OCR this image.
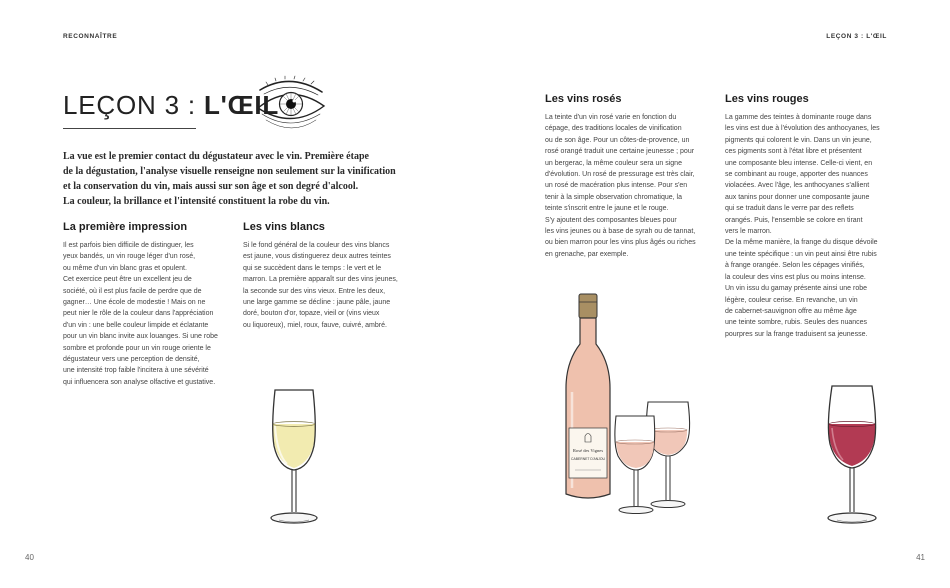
RECONNAÎTRE	LEÇON 3 : L'ŒIL
40	41
LEÇON 3 : L'ŒIL
La vue est le premier contact du dégustateur avec le vin. Première étape
de la dégustation, l'analyse visuelle renseigne non seulement sur la vinification
et la conservation du vin, mais aussi sur son âge et son degré d'alcool.
La couleur, la brillance et l'intensité constituent la robe du vin.
La première impression
Il est parfois bien difficile de distinguer, les
yeux bandés, un vin rouge léger d'un rosé,
ou même d'un vin blanc gras et opulent.
Cet exercice peut être un excellent jeu de
société, où il est plus facile de perdre que de
gagner… Une école de modestie ! Mais on ne
peut nier le rôle de la couleur dans l'appréciation
d'un vin : une belle couleur limpide et éclatante
pour un vin blanc invite aux louanges. Si une robe
sombre et profonde pour un vin rouge oriente le
dégustateur vers une perception de densité,
une intensité trop faible l'incitera à une sévérité
qui influencera son analyse olfactive et gustative.
Les vins blancs
Si le fond général de la couleur des vins blancs
est jaune, vous distinguerez deux autres teintes
qui se succèdent dans le temps : le vert et le
marron. La première apparaît sur des vins jeunes,
la seconde sur des vins vieux. Entre les deux,
une large gamme se décline : jaune pâle, jaune
doré, bouton d'or, topaze, vieil or (vins vieux
ou liquoreux), miel, roux, fauve, cuivré, ambré.
Les vins rosés
La teinte d'un vin rosé varie en fonction du
cépage, des traditions locales de vinification
ou de son âge. Pour un côtes-de-provence, un
rosé orangé traduit une certaine jeunesse ; pour
un bergerac, la même couleur sera un signe
d'évolution. Un rosé de pressurage est très clair,
un rosé de macération plus intense. Pour s'en
tenir à la simple observation chromatique, la
teinte s'inscrit entre le jaune et le rouge.
S'y ajoutent des composantes bleues pour
les vins jeunes ou à base de syrah ou de tannat,
ou bien marron pour les vins plus âgés ou riches
en grenache, par exemple.
Rosé des Vignes
CABERNET D'ANJOU
Les vins rouges
La gamme des teintes à dominante rouge dans
les vins est due à l'évolution des anthocyanes, les
pigments qui colorent le vin. Dans un vin jeune,
ces pigments sont à l'état libre et présentent
une composante bleu intense. Celle-ci vient, en
se combinant au rouge, apporter des nuances
violacées. Avec l'âge, les anthocyanes s'allient
aux tanins pour donner une composante jaune
qui se traduit dans le verre par des reflets
orangés. Puis, l'ensemble se colore en tirant
vers le marron.
De la même manière, la frange du disque dévoile
une teinte spécifique : un vin peut ainsi être rubis
à frange orangée. Selon les cépages vinifiés,
la couleur des vins est plus ou moins intense.
Un vin issu du gamay présente ainsi une robe
légère, couleur cerise. En revanche, un vin
de cabernet-sauvignon offre au même âge
une teinte sombre, rubis. Seules des nuances
pourpres sur la frange traduisent sa jeunesse.
